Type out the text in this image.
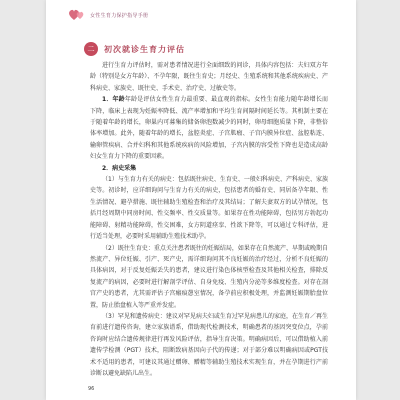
女性生育力保护指导手册
二	初次就诊生育力评估

进行生育力评估时，需对患者情况进行全面细致的问诊，具体内容包括：夫妇双方年龄（特别是女方年龄）、不孕年限，既往生育史；月经史、生殖系统和其他系统疾病史、产科病史、家族史、既往史、手术史、治疗史、过敏史等。

1．年龄年龄是评估女性生育力最重要、最直观的指标。女性生育能力随年龄增长而下降，临床上表现为妊娠率降低、流产率增加和平均生育间隔时间延长等。其机制主要在于随着年龄的增长，卵巢内可募集的储备卵泡数减少的同时，卵母细胞质量下降，非整倍体率增加。此外，随着年龄的增长，盆腔炎症、子宫肌瘤、子宫内膜异位症、盆腔粘连、输卵管疾病、合并妇科和其他系统疾病的风险增加，子宫内膜的容受性下降也是造成高龄妇女生育力下降的重要因素。

2．病史采集

（1）与生育力有关的病史：包括既往病史、生育史、一般妇科病史、产科病史、家族史等。初诊时，应详细询问与生育力有关的病史，包括患者的婚育史、同居备孕年限、性生活情况、避孕措施、既往辅助生殖检查和治疗及其结局；了解夫妻双方的试孕情况，包括月经周期中同房时间、性交频率、性交质量等。如果存在性功能障碍，包括男方勃起功能障碍、射精功能障碍，性交困难，女方阴道痉挛、性欲下降等，可以通过专科评估，进行适当处理，必要时采用辅助生殖技术助孕。

（2）既往生育史：重点关注患者既往的妊娠结局，如果存在自然流产、早期或晚期自然流产、异位妊娠、引产、死产史，需详细询问其不良妊娠的治疗经过，分析不良妊娠的具体病因，对于反复妊娠丢失的患者，建议进行染色体核型检查及其他相关检查，排除反复流产的病因，必要时进行解剖学评估、自身免疫、生殖内分泌等多维度检查。对存在剖宫产史的患者，尤其需评估子宫瘢痕憩室情况，备孕前应积极处理，并监测妊娠期胎盘位置，防止胎盘植入等严重并发症。

（3）罕见和遗传病史：建议对罕见病夫妇或生育过罕见病患儿的家庭，在生育／再生育前进行遗传咨询，建立家族谱系，借助现代检测技术，明确患者的基因突变位点，孕前咨询时应结合遗传规律进行再发风险评估，指导生育决策。明确病因后，可以借助植入前遗传学检测（PGT）技术，阻断致病基因向子代的传递；对于部分难以明确病因或PGT技术不适用的患者，可建议其通过赠卵、赠精等辅助生殖技术实现生育，并在孕期进行产前诊断以避免缺陷儿出生。

96
